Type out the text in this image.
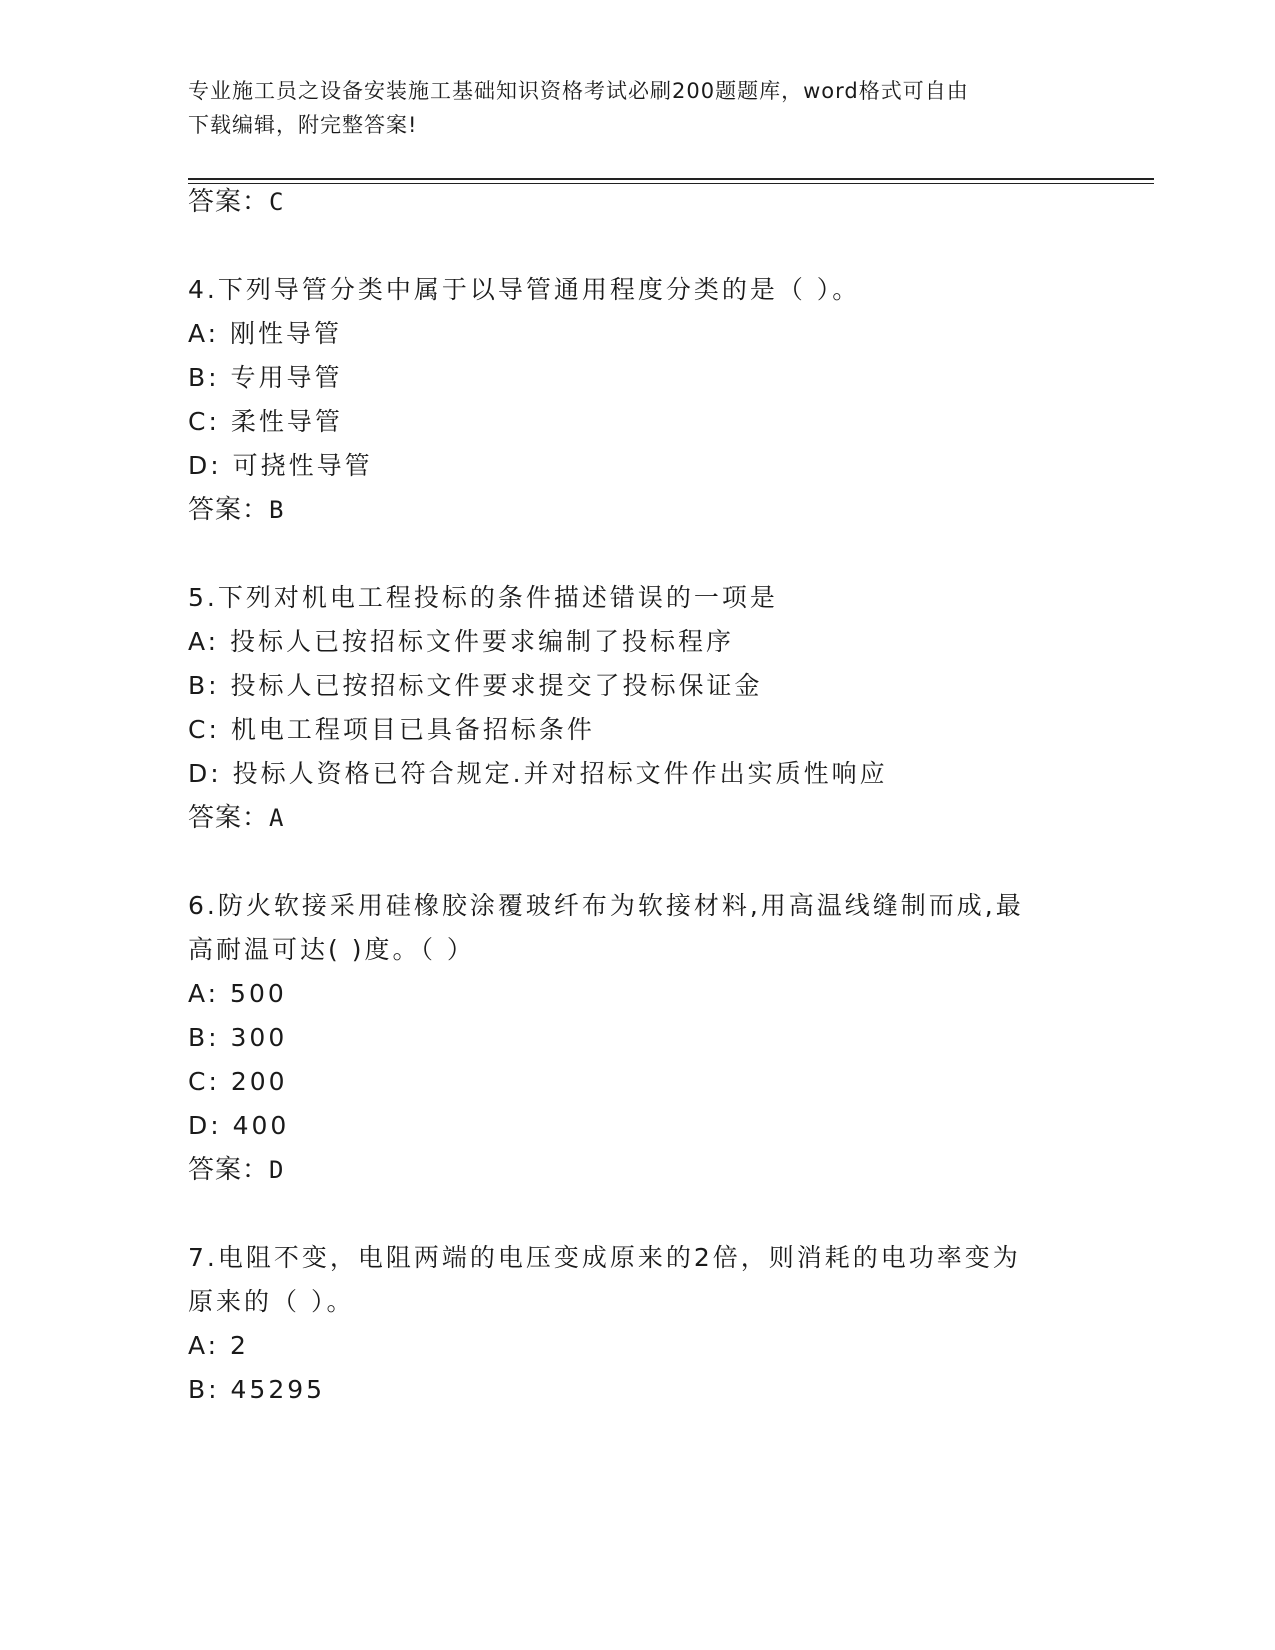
专业施工员之设备安装施工基础知识资格考试必刷200题题库，word格式可自由
下载编辑，附完整答案!
答案：C
4.下列导管分类中属于以导管通用程度分类的是（ ）。
A: 刚性导管
B: 专用导管
C: 柔性导管
D: 可挠性导管
答案：B
5.下列对机电工程投标的条件描述错误的一项是
A: 投标人已按招标文件要求编制了投标程序
B: 投标人已按招标文件要求提交了投标保证金
C: 机电工程项目已具备招标条件
D: 投标人资格已符合规定.并对招标文件作出实质性响应
答案：A
6.防火软接采用硅橡胶涂覆玻纤布为软接材料,用高温线缝制而成,最
高耐温可达( )度。（ ）
A: 500
B: 300
C: 200
D: 400
答案：D
7.电阻不变，电阻两端的电压变成原来的2倍，则消耗的电功率变为
原来的（ ）。
A: 2
B: 45295
